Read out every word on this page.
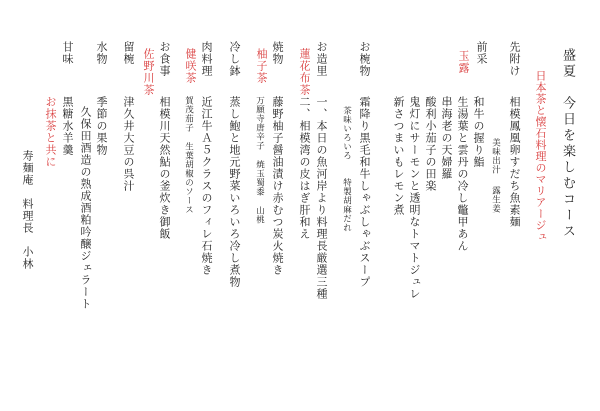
盛夏　今日を楽しむコース
日本茶と懐石料理のマリアージュ
先附け
相模鳳凰卵すだち魚素麺
美味出汁
露生姜
前采
玉露
和牛の握り鮨
生湯葉と雲丹の冷し鼈甲あん
串海老の天婦羅
酸利小茄子の田楽
鬼灯にサーモンと透明なトマトジュレ
新さつまいもレモン煮
お椀物
霜降り黒毛和牛しゃぶしゃぶスープ
茶味いろいろ
特製胡麻だれ
お造里
蓮花布茶
一、本日の魚河岸より料理長厳選三種
二、相模湾の皮はぎ肝和え
焼物
柚子茶
藤野柚子醤油漬け赤むつ炭火焼き
万願寺唐辛子
焼玉蜀黍
山桃
冷し鉢
蒸し鮑と地元野菜いろいろ冷し煮物
肉料理
健咲茶
近江牛Ａ５クラスのフィレ石焼き
賀茂茄子
生葉胡椒のソース
お食事
佐野川茶
相模川天然鮎の釜炊き御飯
留椀
津久井大豆の呉汁
水物
季節の果物
久保田酒造の熟成酒粕吟醸ジェラート
甘味
黒糖水羊羹
お抹茶と共に
寿麺庵　料理長　小林
